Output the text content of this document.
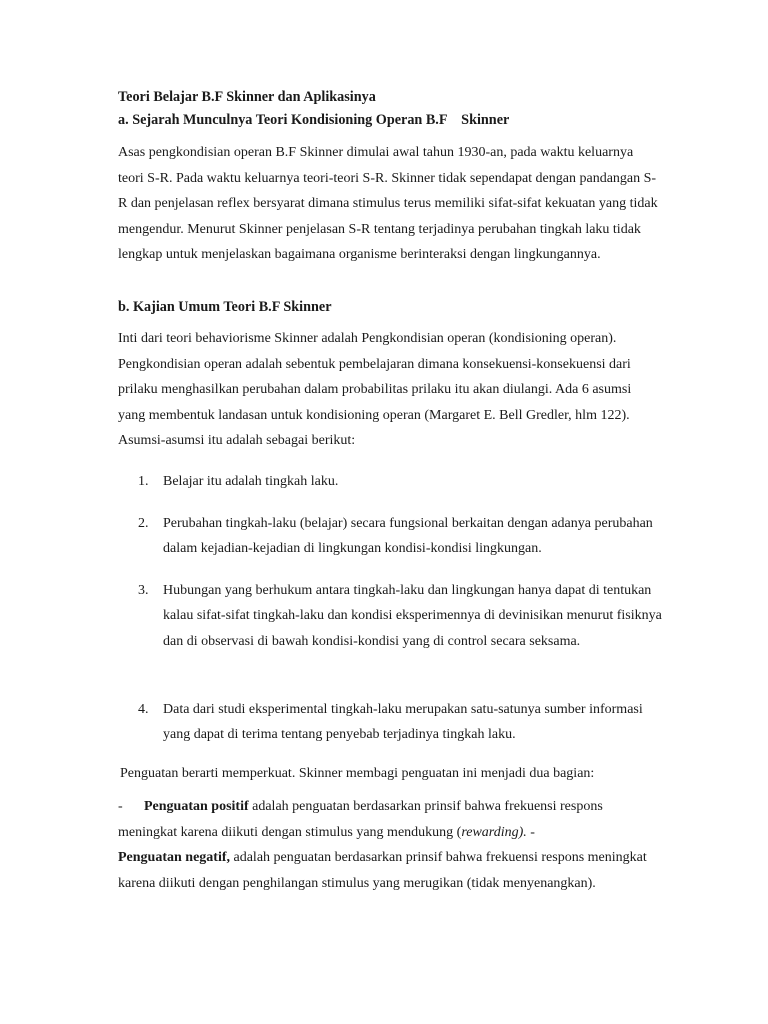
Teori Belajar B.F Skinner dan Aplikasinya
a. Sejarah Munculnya Teori Kondisioning Operan B.F    Skinner

Asas pengkondisian operan B.F Skinner dimulai awal tahun 1930-an, pada waktu keluarnya teori S-R. Pada waktu keluarnya teori-teori S-R. Skinner tidak sependapat dengan pandangan S-R dan penjelasan reflex bersyarat dimana stimulus terus memiliki sifat-sifat kekuatan yang tidak mengendur. Menurut Skinner penjelasan S-R tentang terjadinya perubahan tingkah laku tidak lengkap untuk menjelaskan bagaimana organisme berinteraksi dengan lingkungannya.

b. Kajian Umum Teori B.F Skinner

Inti dari teori behaviorisme Skinner adalah Pengkondisian operan (kondisioning operan). Pengkondisian operan adalah sebentuk pembelajaran dimana konsekuensi-konsekuensi dari prilaku menghasilkan perubahan dalam probabilitas prilaku itu akan diulangi. Ada 6 asumsi yang membentuk landasan untuk kondisioning operan (Margaret E. Bell Gredler, hlm 122). Asumsi-asumsi itu adalah sebagai berikut:

1.	Belajar itu adalah tingkah laku.
2.	Perubahan tingkah-laku (belajar) secara fungsional berkaitan dengan adanya perubahan dalam kejadian-kejadian di lingkungan kondisi-kondisi lingkungan.
3.	Hubungan yang berhukum antara tingkah-laku dan lingkungan hanya dapat di tentukan kalau sifat-sifat tingkah-laku dan kondisi eksperimennya di devinisikan menurut fisiknya dan di observasi di bawah kondisi-kondisi yang di control secara seksama.
4.	Data dari studi eksperimental tingkah-laku merupakan satu-satunya sumber informasi yang dapat di terima tentang penyebab terjadinya tingkah laku.
Penguatan berarti memperkuat. Skinner membagi penguatan ini menjadi dua bagian:

- Penguatan positif adalah penguatan berdasarkan prinsif bahwa frekuensi respons meningkat karena diikuti dengan stimulus yang mendukung (rewarding). -
Penguatan negatif, adalah penguatan berdasarkan prinsif bahwa frekuensi respons meningkat karena diikuti dengan penghilangan stimulus yang merugikan (tidak menyenangkan).
